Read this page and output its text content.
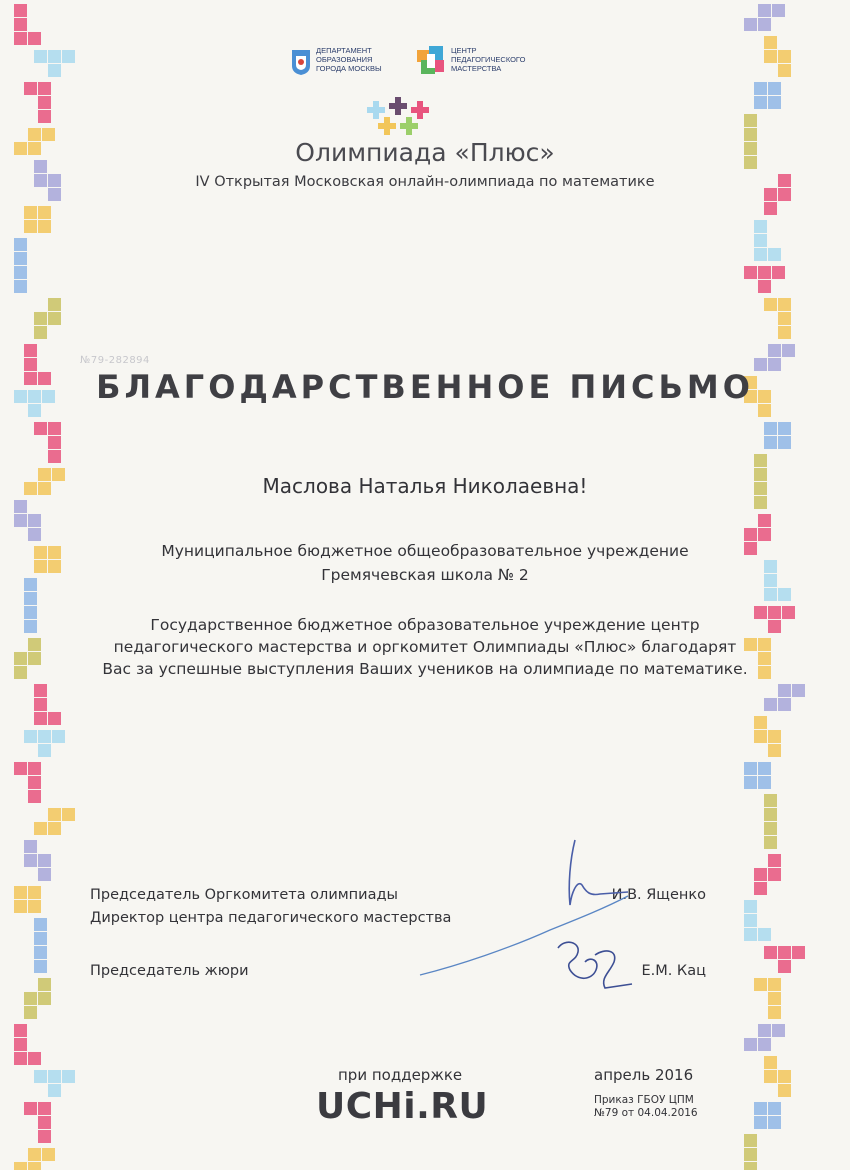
ДЕПАРТАМЕНТ
ОБРАЗОВАНИЯ
ГОРОДА МОСКВЫ
ЦЕНТР
ПЕДАГОГИЧЕСКОГО
МАСТЕРСТВА
Олимпиада «Плюс»
IV Открытая Московская онлайн-олимпиада по математике
№79-282894
БЛАГОДАРСТВЕННОЕ ПИСЬМО
Маслова Наталья Николаевна!
Муниципальное бюджетное общеобразовательное учреждение
Гремячевская школа № 2
Государственное бюджетное образовательное учреждение центр педагогического мастерства и оргкомитет Олимпиады «Плюс» благодарят Вас за успешные выступления Ваших учеников на олимпиаде по математике.
Председатель Оргкомитета олимпиады
Директор центра педагогического мастерства
И.В. Ященко
Председатель жюри	Е.М. Кац
при поддержке
UCHi.RU
апрель 2016
Приказ ГБОУ ЦПМ
№79 от 04.04.2016
